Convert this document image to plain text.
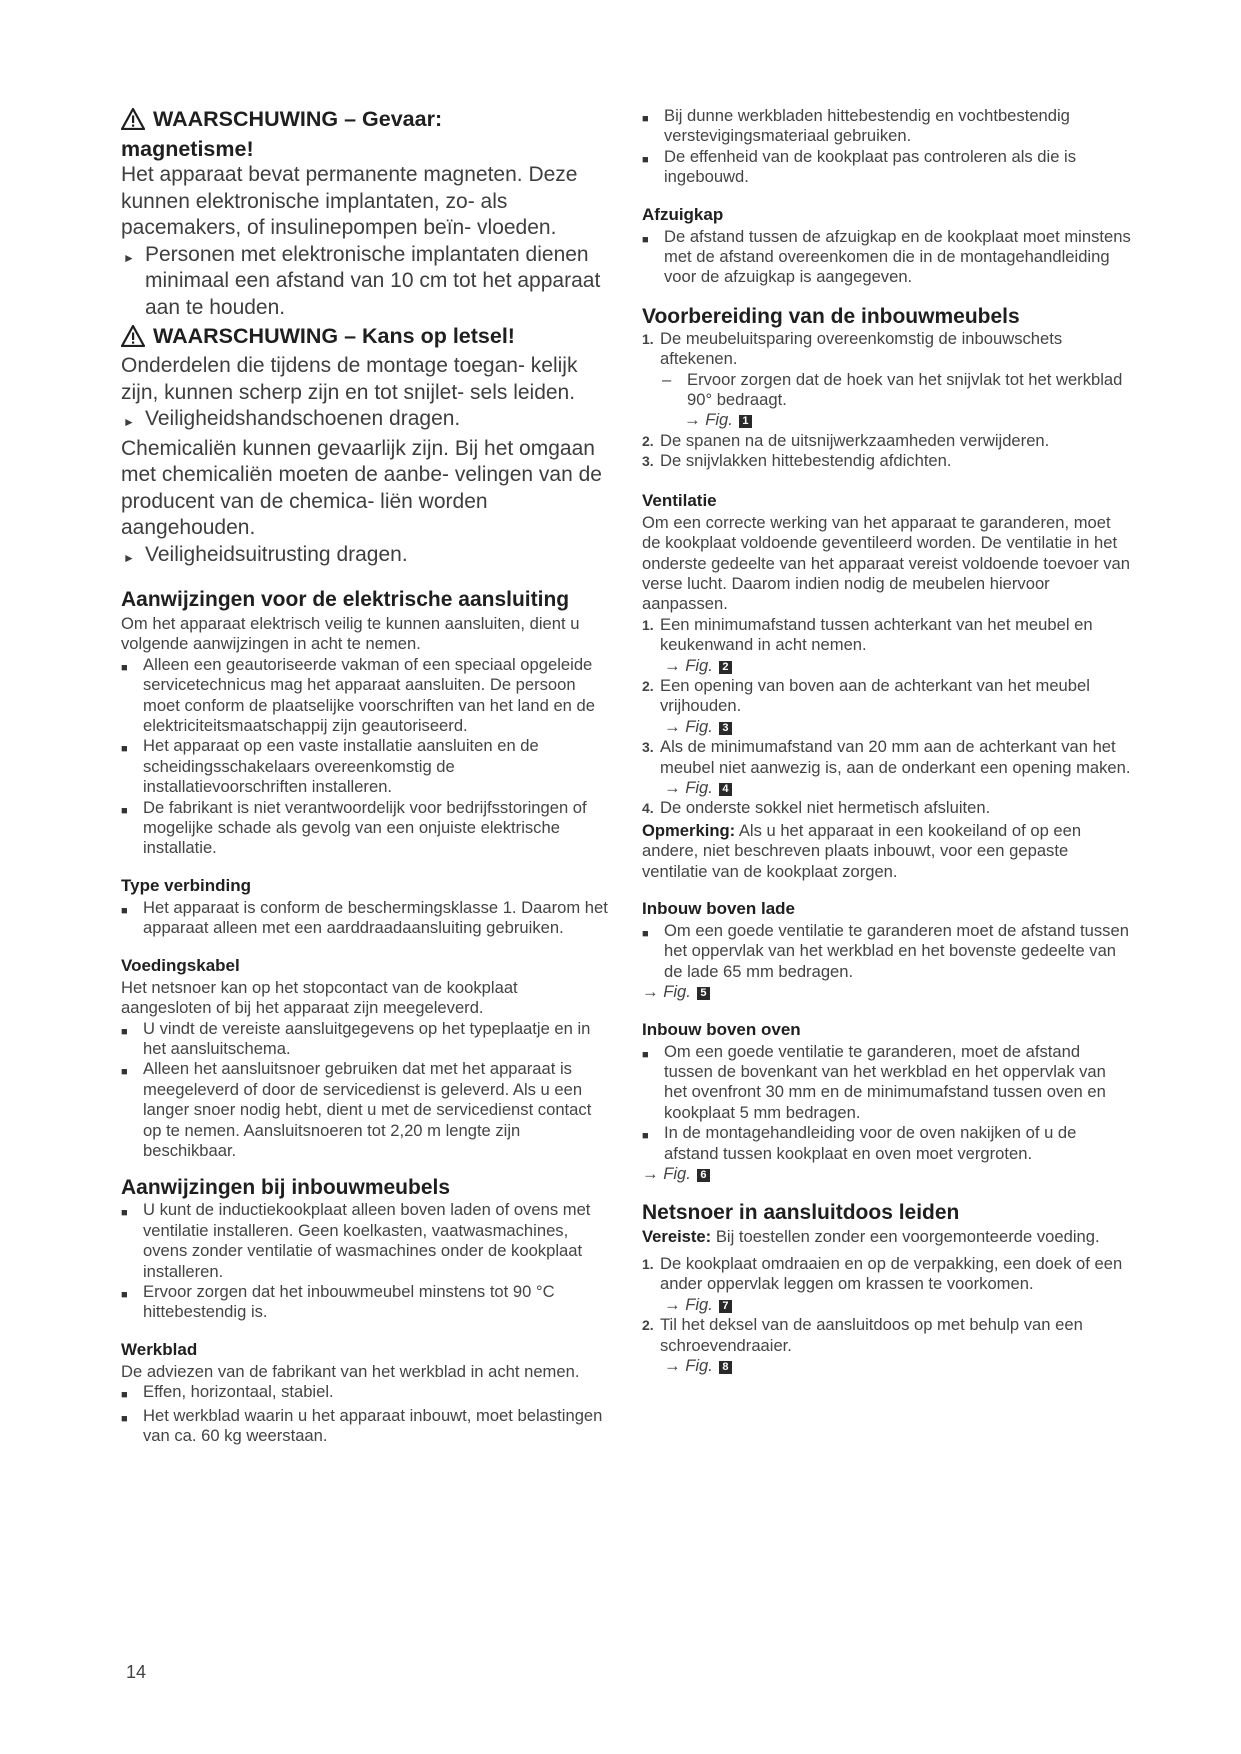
WAARSCHUWING – Gevaar:
magnetisme!
Het apparaat bevat permanente magneten. Deze kunnen elektronische implantaten, zo- als pacemakers, of insulinepompen beïn- vloeden.
► Personen met elektronische implantaten dienen minimaal een afstand van 10 cm tot het apparaat aan te houden.
WAARSCHUWING – Kans op letsel!
Onderdelen die tijdens de montage toegan- kelijk zijn, kunnen scherp zijn en tot snijlet- sels leiden.
► Veiligheidshandschoenen dragen.
Chemicaliën kunnen gevaarlijk zijn. Bij het omgaan met chemicaliën moeten de aanbe- velingen van de producent van de chemica- liën worden aangehouden.
► Veiligheidsuitrusting dragen.
Aanwijzingen voor de elektrische aansluiting
Om het apparaat elektrisch veilig te kunnen aansluiten, dient u volgende aanwijzingen in acht te nemen.
■ Alleen een geautoriseerde vakman of een speciaal opgeleide servicetechnicus mag het apparaat aansluiten. De persoon moet conform de plaatselijke voorschriften van het land en de elektriciteitsmaatschappij zijn geautoriseerd.
■ Het apparaat op een vaste installatie aansluiten en de scheidingsschakelaars overeenkomstig de installatievoorschriften installeren.
■ De fabrikant is niet verantwoordelijk voor bedrijfsstoringen of mogelijke schade als gevolg van een onjuiste elektrische installatie.
Type verbinding
■ Het apparaat is conform de beschermingsklasse 1. Daarom het apparaat alleen met een aarddraadaansluiting gebruiken.
Voedingskabel
Het netsnoer kan op het stopcontact van de kookplaat aangesloten of bij het apparaat zijn meegeleverd.
■ U vindt de vereiste aansluitgegevens op het typeplaatje en in het aansluitschema.
■ Alleen het aansluitsnoer gebruiken dat met het apparaat is meegeleverd of door de servicedienst is geleverd. Als u een langer snoer nodig hebt, dient u met de servicedienst contact op te nemen. Aansluitsnoeren tot 2,20 m lengte zijn beschikbaar.
Aanwijzingen bij inbouwmeubels
■ U kunt de inductiekookplaat alleen boven laden of ovens met ventilatie installeren. Geen koelkasten, vaatwasmachines, ovens zonder ventilatie of wasmachines onder de kookplaat installeren.
■ Ervoor zorgen dat het inbouwmeubel minstens tot 90 °C hittebestendig is.
Werkblad
De adviezen van de fabrikant van het werkblad in acht nemen.
■ Effen, horizontaal, stabiel.
■ Het werkblad waarin u het apparaat inbouwt, moet belastingen van ca. 60 kg weerstaan.
■ Bij dunne werkbladen hittebestendig en vochtbestendig verstevigingsmateriaal gebruiken.
■ De effenheid van de kookplaat pas controleren als die is ingebouwd.
Afzuigkap
■ De afstand tussen de afzuigkap en de kookplaat moet minstens met de afstand overeenkomen die in de montagehandleiding voor de afzuigkap is aangegeven.
Voorbereiding van de inbouwmeubels
1. De meubeluitsparing overeenkomstig de inbouwschets aftekenen.
– Ervoor zorgen dat de hoek van het snijvlak tot het werkblad 90° bedraagt.
→ Fig. 1
2. De spanen na de uitsnijwerkzaamheden verwijderen.
3. De snijvlakken hittebestendig afdichten.
Ventilatie
Om een correcte werking van het apparaat te garanderen, moet de kookplaat voldoende geventileerd worden. De ventilatie in het onderste gedeelte van het apparaat vereist voldoende toevoer van verse lucht. Daarom indien nodig de meubelen hiervoor aanpassen.
1. Een minimumafstand tussen achterkant van het meubel en keukenwand in acht nemen.
→ Fig. 2
2. Een opening van boven aan de achterkant van het meubel vrijhouden.
→ Fig. 3
3. Als de minimumafstand van 20 mm aan de achterkant van het meubel niet aanwezig is, aan de onderkant een opening maken.
→ Fig. 4
4. De onderste sokkel niet hermetisch afsluiten.
Opmerking: Als u het apparaat in een kookeiland of op een andere, niet beschreven plaats inbouwt, voor een gepaste ventilatie van de kookplaat zorgen.
Inbouw boven lade
■ Om een goede ventilatie te garanderen moet de afstand tussen het oppervlak van het werkblad en het bovenste gedeelte van de lade 65 mm bedragen.
→ Fig. 5
Inbouw boven oven
■ Om een goede ventilatie te garanderen, moet de afstand tussen de bovenkant van het werkblad en het oppervlak van het ovenfront 30 mm en de minimumafstand tussen oven en kookplaat 5 mm bedragen.
■ In de montagehandleiding voor de oven nakijken of u de afstand tussen kookplaat en oven moet vergroten.
→ Fig. 6
Netsnoer in aansluitdoos leiden
Vereiste: Bij toestellen zonder een voorgemonteerde voeding.
1. De kookplaat omdraaien en op de verpakking, een doek of een ander oppervlak leggen om krassen te voorkomen.
→ Fig. 7
2. Til het deksel van de aansluitdoos op met behulp van een schroevendraaier.
→ Fig. 8
14
